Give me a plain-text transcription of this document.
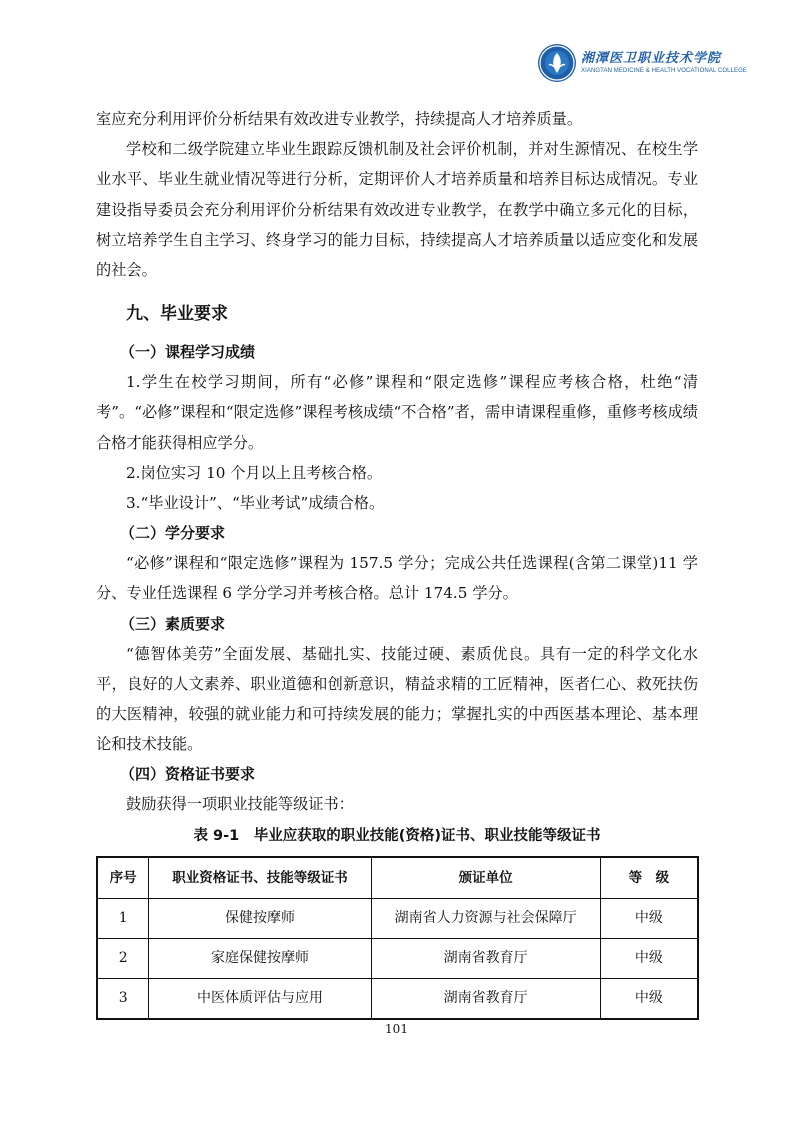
湘潭医卫职业技术学院
XIANGTAN MEDICINE & HEALTH VOCATIONAL COLLEGE

室应充分利用评价分析结果有效改进专业教学，持续提高人才培养质量。

学校和二级学院建立毕业生跟踪反馈机制及社会评价机制，并对生源情况、在校生学业水平、毕业生就业情况等进行分析，定期评价人才培养质量和培养目标达成情况。专业建设指导委员会充分利用评价分析结果有效改进专业教学，在教学中确立多元化的目标，树立培养学生自主学习、终身学习的能力目标，持续提高人才培养质量以适应变化和发展的社会。

九、毕业要求
（一）课程学习成绩

1.学生在校学习期间，所有“必修”课程和“限定选修”课程应考核合格，杜绝“清考”。“必修”课程和“限定选修”课程考核成绩“不合格”者，需申请课程重修，重修考核成绩合格才能获得相应学分。

2.岗位实习 10 个月以上且考核合格。

3.“毕业设计”、“毕业考试”成绩合格。

（二）学分要求

“必修”课程和“限定选修”课程为 157.5 学分；完成公共任选课程(含第二课堂)11 学分、专业任选课程 6 学分学习并考核合格。总计 174.5 学分。

（三）素质要求

“德智体美劳”全面发展、基础扎实、技能过硬、素质优良。具有一定的科学文化水平，良好的人文素养、职业道德和创新意识，精益求精的工匠精神，医者仁心、救死扶伤的大医精神，较强的就业能力和可持续发展的能力；掌握扎实的中西医基本理论、基本理论和技术技能。

（四）资格证书要求

鼓励获得一项职业技能等级证书：

表 9-1　毕业应获取的职业技能(资格)证书、职业技能等级证书
序号	职业资格证书、技能等级证书	颁证单位	等　级
1	保健按摩师	湖南省人力资源与社会保障厅	中级
2	家庭保健按摩师	湖南省教育厅	中级
3	中医体质评估与应用	湖南省教育厅	中级
101
